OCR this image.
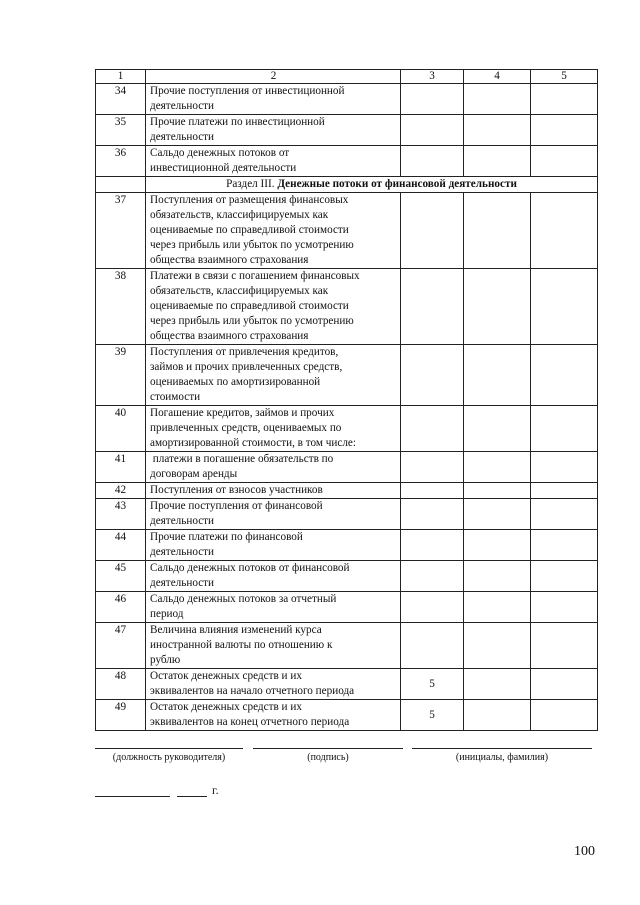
1	2	3	4	5
34	Прочие поступления от инвестиционной
деятельности			

35	Прочие платежи по инвестиционной
деятельности			

36	Сальдо денежных потоков от
инвестиционной деятельности			

	Раздел III. Денежные потоки от финансовой деятельности			
37	Поступления от размещения финансовых
обязательств, классифицируемых как
оцениваемые по справедливой стоимости
через прибыль или убыток по усмотрению
общества взаимного страхования			

38	Платежи в связи с погашением финансовых
обязательств, классифицируемых как
оцениваемые по справедливой стоимости
через прибыль или убыток по усмотрению
общества взаимного страхования			

39	Поступления от привлечения кредитов,
займов и прочих привлеченных средств,
оцениваемых по амортизированной
стоимости			

40	Погашение кредитов, займов и прочих
привлеченных средств, оцениваемых по
амортизированной стоимости, в том числе:			

41	платежи в погашение обязательств по
договорам аренды			

42	Поступления от взносов участников			

43	Прочие поступления от финансовой
деятельности			

44	Прочие платежи по финансовой
деятельности			

45	Сальдо денежных потоков от финансовой
деятельности			

46	Сальдо денежных потоков за отчетный
период			

47	Величина влияния изменений курса
иностранной валюты по отношению к
рублю			

48	Остаток денежных средств и их
эквивалентов на начало отчетного периода	5		
49	Остаток денежных средств и их
эквивалентов на конец отчетного периода	5		
(должность руководителя)	(подпись)	(инициалы, фамилия)
г.
100
